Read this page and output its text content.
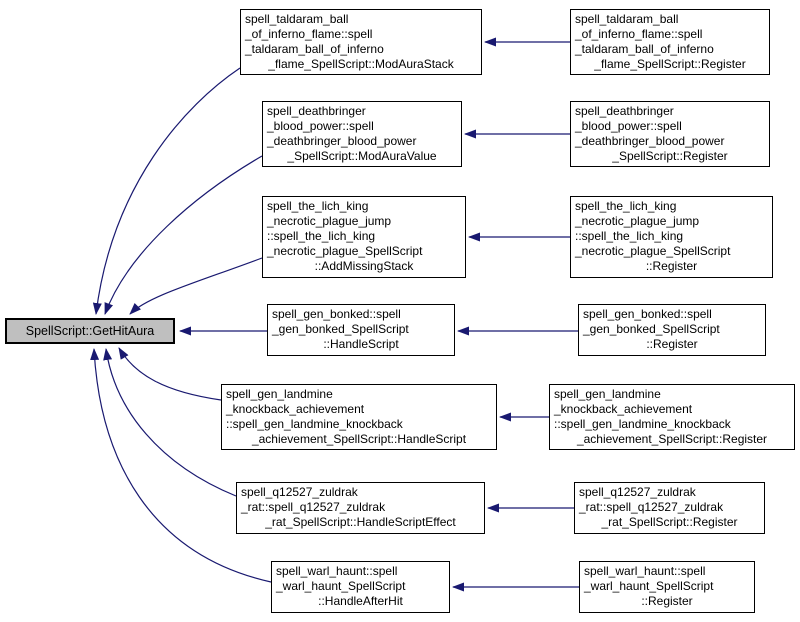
SpellScript::GetHitAura
spell_taldaram_ball
_of_inferno_flame::spell
_taldaram_ball_of_inferno
_flame_SpellScript::ModAuraStack
spell_deathbringer
_blood_power::spell
_deathbringer_blood_power
_SpellScript::ModAuraValue
spell_the_lich_king
_necrotic_plague_jump
::spell_the_lich_king
_necrotic_plague_SpellScript
::AddMissingStack
spell_gen_bonked::spell
_gen_bonked_SpellScript
::HandleScript
spell_gen_landmine
_knockback_achievement
::spell_gen_landmine_knockback
_achievement_SpellScript::HandleScript
spell_q12527_zuldrak
_rat::spell_q12527_zuldrak
_rat_SpellScript::HandleScriptEffect
spell_warl_haunt::spell
_warl_haunt_SpellScript
::HandleAfterHit
spell_taldaram_ball
_of_inferno_flame::spell
_taldaram_ball_of_inferno
_flame_SpellScript::Register
spell_deathbringer
_blood_power::spell
_deathbringer_blood_power
_SpellScript::Register
spell_the_lich_king
_necrotic_plague_jump
::spell_the_lich_king
_necrotic_plague_SpellScript
::Register
spell_gen_bonked::spell
_gen_bonked_SpellScript
::Register
spell_gen_landmine
_knockback_achievement
::spell_gen_landmine_knockback
_achievement_SpellScript::Register
spell_q12527_zuldrak
_rat::spell_q12527_zuldrak
_rat_SpellScript::Register
spell_warl_haunt::spell
_warl_haunt_SpellScript
::Register
